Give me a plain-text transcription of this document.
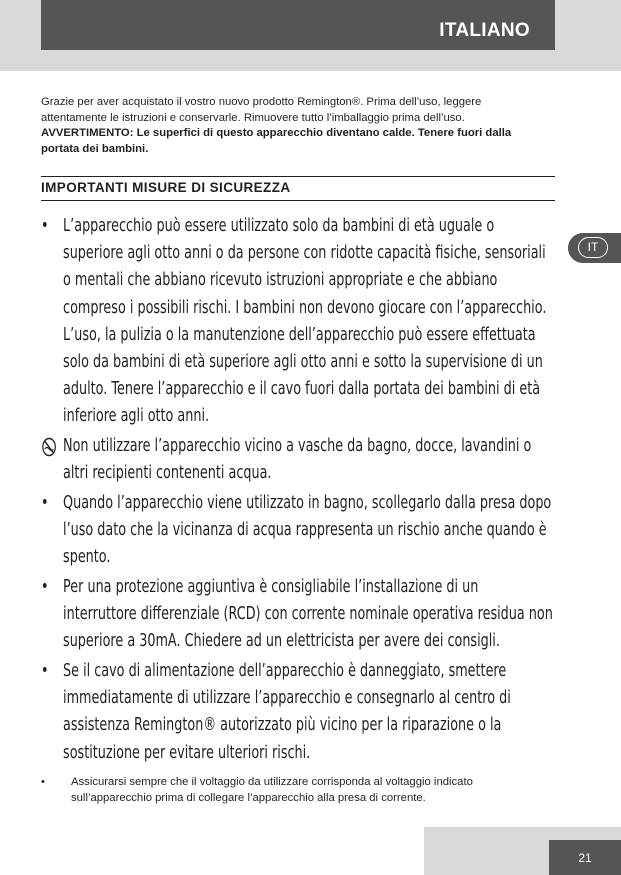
ITALIANO
IT

Grazie per aver acquistato il vostro nuovo prodotto Remington®. Prima dell’uso, leggere attentamente le istruzioni e conservarle. Rimuovere tutto l’imballaggio prima dell’uso.

AVVERTIMENTO: Le superfici di questo apparecchio diventano calde. Tenere fuori dalla portata dei bambini.

IMPORTANTI MISURE DI SICUREZZA
• L’apparecchio può essere utilizzato solo da bambini di età uguale o superiore agli otto anni o da persone con ridotte capacità fisiche, sensoriali o mentali che abbiano ricevuto istruzioni appropriate e che abbiano compreso i possibili rischi. I bambini non devono giocare con l’apparecchio. L’uso, la pulizia o la manutenzione dell’apparecchio può essere effettuata solo da bambini di età superiore agli otto anni e sotto la supervisione di un adulto. Tenere l’apparecchio e il cavo fuori dalla portata dei bambini di età inferiore agli otto anni.
Non utilizzare l’apparecchio vicino a vasche da bagno, docce, lavandini o altri recipienti contenenti acqua.
• Quando l’apparecchio viene utilizzato in bagno, scollegarlo dalla presa dopo l’uso dato che la vicinanza di acqua rappresenta un rischio anche quando è spento.
• Per una protezione aggiuntiva è consigliabile l’installazione di un interruttore differenziale (RCD) con corrente nominale operativa residua non superiore a 30mA. Chiedere ad un elettricista per avere dei consigli.
• Se il cavo di alimentazione dell’apparecchio è danneggiato, smettere immediatamente di utilizzare l’apparecchio e consegnarlo al centro di assistenza Remington® autorizzato più vicino per la riparazione o la sostituzione per evitare ulteriori rischi.
•	Assicurarsi sempre che il voltaggio da utilizzare corrisponda al voltaggio indicato sull’apparecchio prima di collegare l’apparecchio alla presa di corrente.
21
